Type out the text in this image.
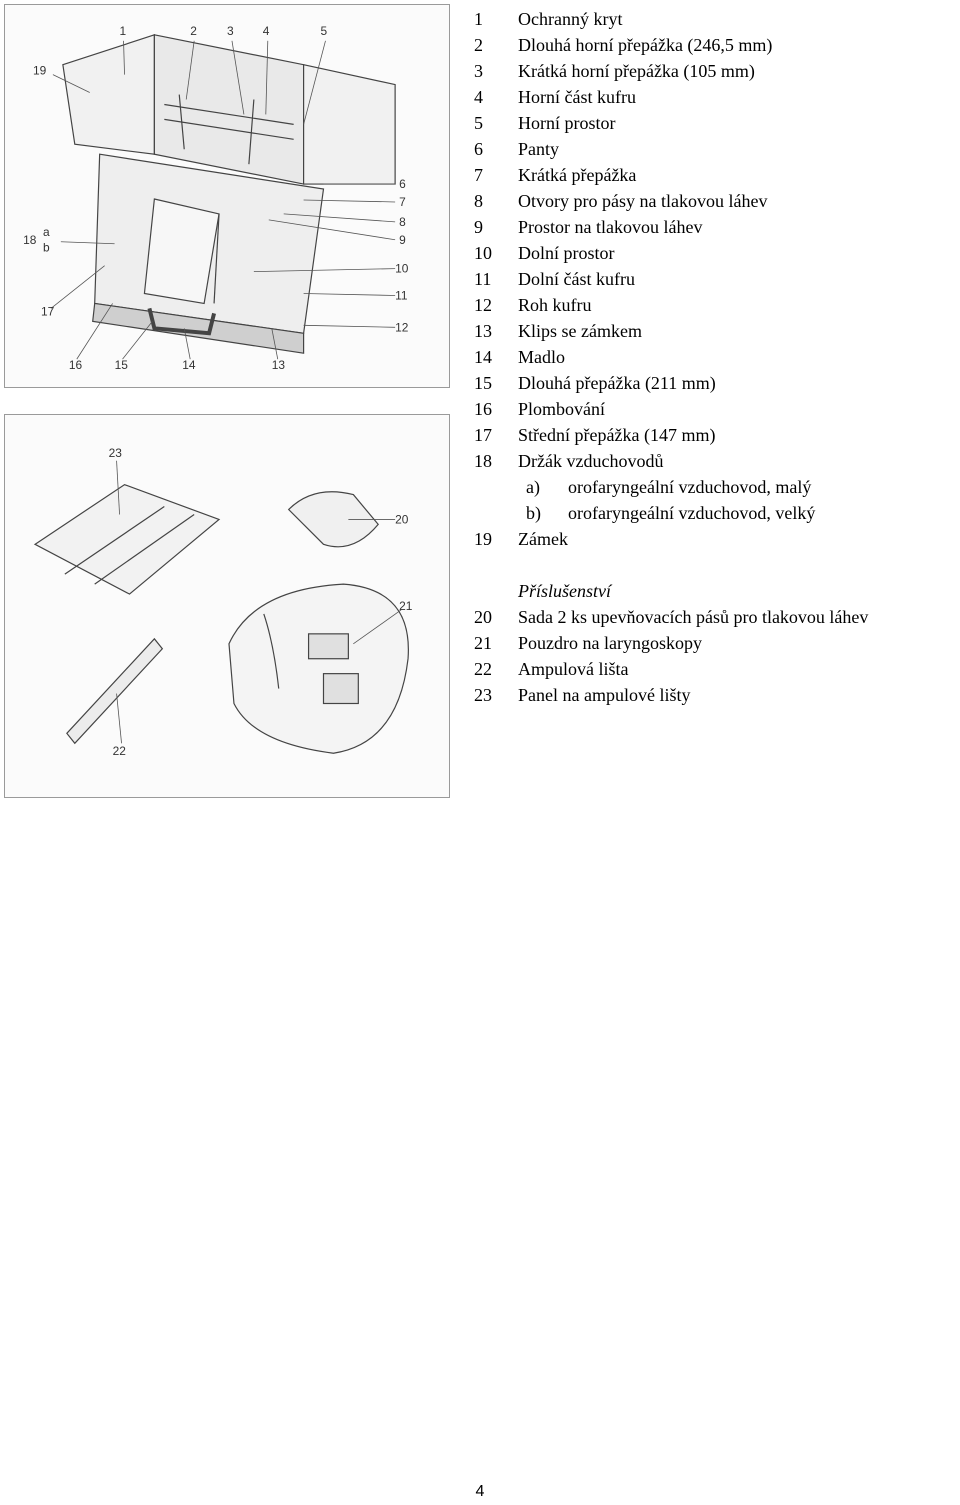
1	2	3 4	5
19
18
a
b
17
6
7
8
9
10
11
12
16	15	14	13
23
20
21
22
1	Ochranný kryt
2	Dlouhá horní přepážka (246,5 mm)
3	Krátká horní přepážka (105 mm)
4	Horní část kufru
5	Horní prostor
6	Panty
7	Krátká přepážka
8	Otvory pro pásy na tlakovou láhev
9	Prostor na tlakovou láhev
10	Dolní prostor
11	Dolní část kufru
12	Roh kufru
13	Klips se zámkem
14	Madlo
15	Dlouhá přepážka (211 mm)
16	Plombování
17	Střední přepážka (147 mm)
18	Držák vzduchovodů
a)	orofaryngeální vzduchovod, malý
b)	orofaryngeální vzduchovod, velký
19	Zámek
Příslušenství
20	Sada 2 ks upevňovacích pásů pro tlakovou láhev
21	Pouzdro na laryngoskopy
22	Ampulová lišta
23	Panel na ampulové lišty
4
